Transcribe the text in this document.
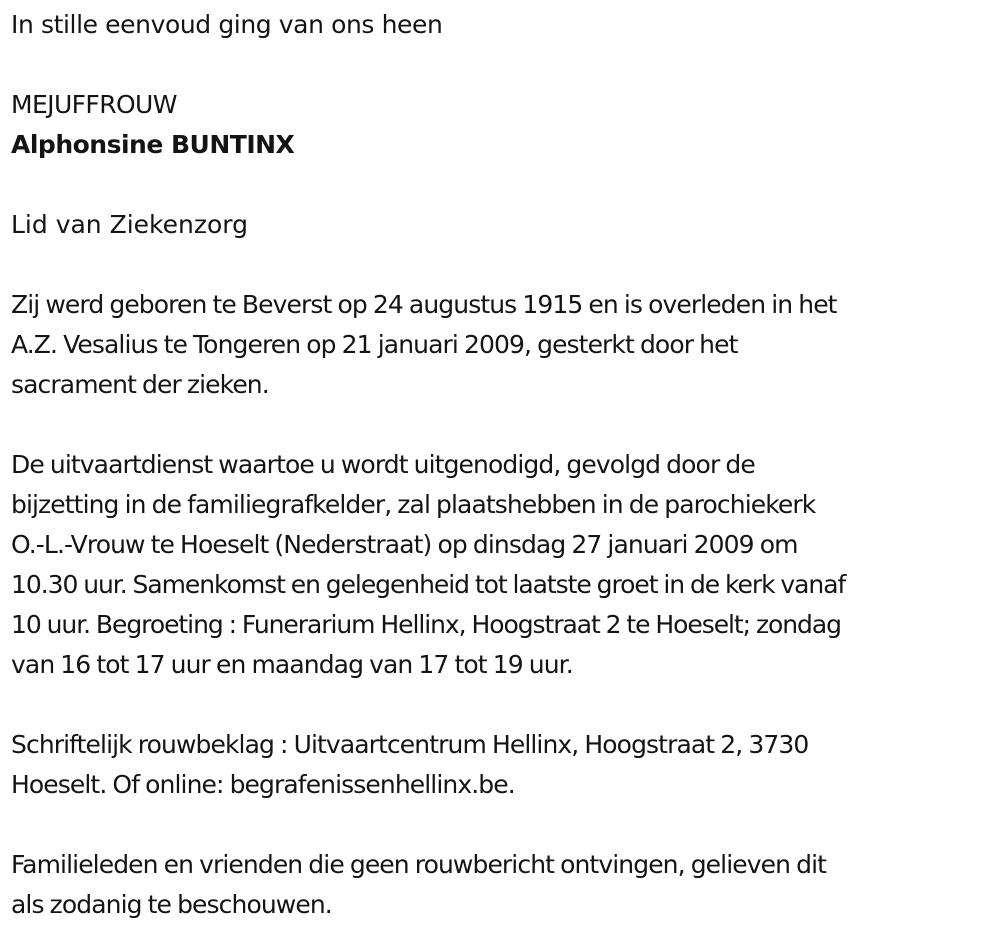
In stille eenvoud ging van ons heen

MEJUFFROUW

Alphonsine BUNTINX

Lid van Ziekenzorg

Zij werd geboren te Beverst op 24 augustus 1915 en is overleden in het

A.Z. Vesalius te Tongeren op 21 januari 2009, gesterkt door het

sacrament der zieken.

De uitvaartdienst waartoe u wordt uitgenodigd, gevolgd door de

bijzetting in de familiegrafkelder, zal plaatshebben in de parochiekerk

O.-L.-Vrouw te Hoeselt (Nederstraat) op dinsdag 27 januari 2009 om

10.30 uur. Samenkomst en gelegenheid tot laatste groet in de kerk vanaf

10 uur. Begroeting : Funerarium Hellinx, Hoogstraat 2 te Hoeselt; zondag

van 16 tot 17 uur en maandag van 17 tot 19 uur.

Schriftelijk rouwbeklag : Uitvaartcentrum Hellinx, Hoogstraat 2, 3730

Hoeselt. Of online: begrafenissenhellinx.be.

Familieleden en vrienden die geen rouwbericht ontvingen, gelieven dit

als zodanig te beschouwen.
